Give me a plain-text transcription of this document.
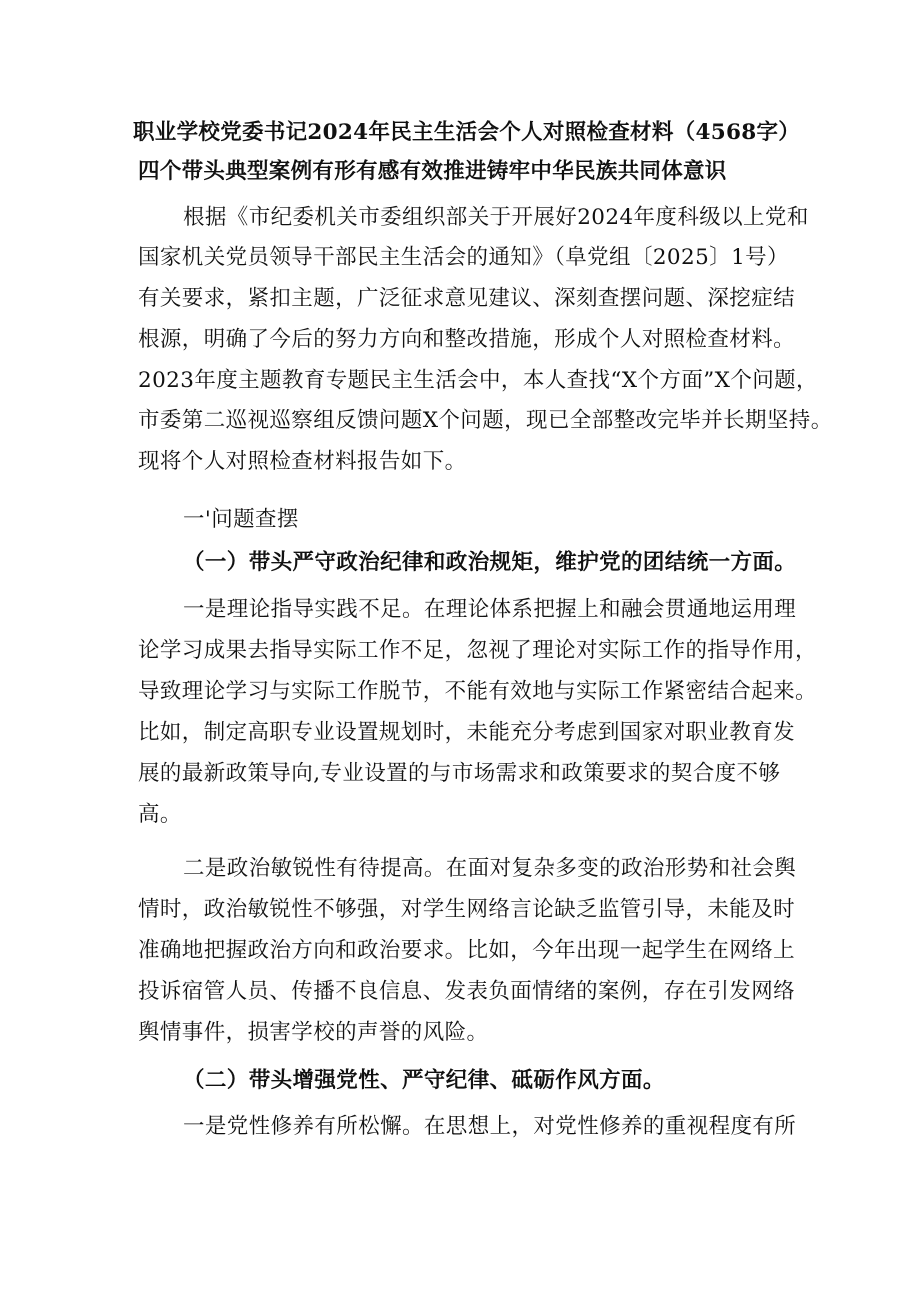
职业学校党委书记2024年民主生活会个人对照检查材料（4568字）
四个带头典型案例有形有感有效推进铸牢中华民族共同体意识
根据《市纪委机关市委组织部关于开展好2024年度科级以上党和
国家机关党员领导干部民主生活会的通知》（阜党组〔2025〕1号）
有关要求，紧扣主题，广泛征求意见建议、深刻查摆问题、深挖症结
根源，明确了今后的努力方向和整改措施，形成个人对照检查材料。
2023年度主题教育专题民主生活会中，本人查找“X个方面”X个问题，
市委第二巡视巡察组反馈问题X个问题，现已全部整改完毕并长期坚持。
现将个人对照检查材料报告如下。
一'问题查摆
（一）带头严守政治纪律和政治规矩，维护党的团结统一方面。
一是理论指导实践不足。在理论体系把握上和融会贯通地运用理
论学习成果去指导实际工作不足，忽视了理论对实际工作的指导作用，
导致理论学习与实际工作脱节，不能有效地与实际工作紧密结合起来。
比如，制定高职专业设置规划时，未能充分考虑到国家对职业教育发
展的最新政策导向,专业设置的与市场需求和政策要求的契合度不够
高。
二是政治敏锐性有待提高。在面对复杂多变的政治形势和社会舆
情时，政治敏锐性不够强，对学生网络言论缺乏监管引导，未能及时
准确地把握政治方向和政治要求。比如，今年出现一起学生在网络上
投诉宿管人员、传播不良信息、发表负面情绪的案例，存在引发网络
舆情事件，损害学校的声誉的风险。
（二）带头增强党性、严守纪律、砥砺作风方面。
一是党性修养有所松懈。在思想上，对党性修养的重视程度有所
